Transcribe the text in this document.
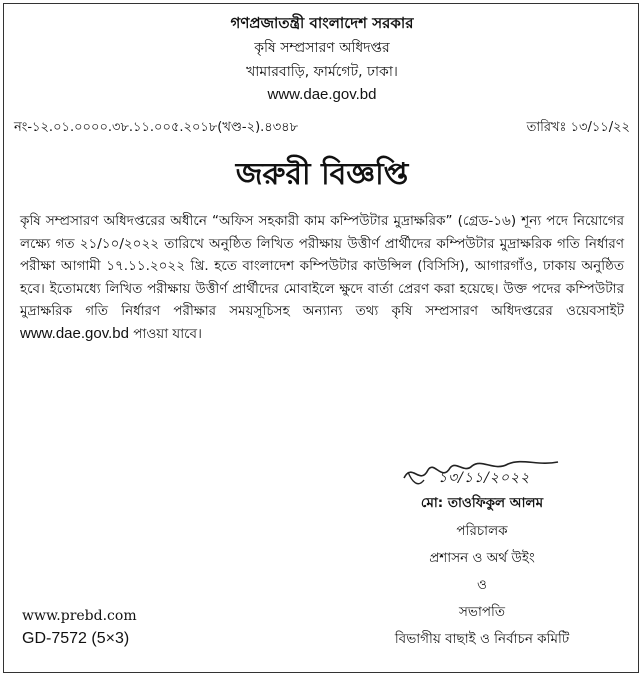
গণপ্রজাতন্ত্রী বাংলাদেশ সরকার
কৃষি সম্প্রসারণ অধিদপ্তর
খামারবাড়ি, ফার্মগেট, ঢাকা।
www.dae.gov.bd
নং-১২.০১.০০০০.৩৮.১১.০০৫.২০১৮(খণ্ড-২).৪৩৪৮	তারিখঃ ১৩/১১/২২
জরুরী বিজ্ঞপ্তি
কৃষি সম্প্রসারণ অধিদপ্তরের অধীনে “অফিস সহকারী কাম কম্পিউটার মুদ্রাক্ষরিক” (গ্রেড-১৬) শূন্য পদে নিয়োগের লক্ষ্যে গত ২১/১০/২০২২ তারিখে অনুষ্ঠিত লিখিত পরীক্ষায় উত্তীর্ণ প্রার্থীদের কম্পিউটার মুদ্রাক্ষরিক গতি নির্ধারণ পরীক্ষা আগামী ১৭.১১.২০২২ খ্রি. হতে বাংলাদেশ কম্পিউটার কাউন্সিল (বিসিসি), আগারগাঁও, ঢাকায় অনুষ্ঠিত হবে। ইতোমধ্যে লিখিত পরীক্ষায় উত্তীর্ণ প্রার্থীদের মোবাইলে ক্ষুদে বার্তা প্রেরণ করা হয়েছে। উক্ত পদের কম্পিউটার মুদ্রাক্ষরিক গতি নির্ধারণ পরীক্ষার সময়সূচিসহ অন্যান্য তথ্য কৃষি সম্প্রসারণ অধিদপ্তরের ওয়েবসাইট www.dae.gov.bd পাওয়া যাবে।
১৩/১১/২০২২
মো: তাওফিকুল আলম
পরিচালক
প্রশাসন ও অর্থ উইং
ও
সভাপতি
বিভাগীয় বাছাই ও নির্বাচন কমিটি
www.prebd.com
GD-7572 (5×3)
